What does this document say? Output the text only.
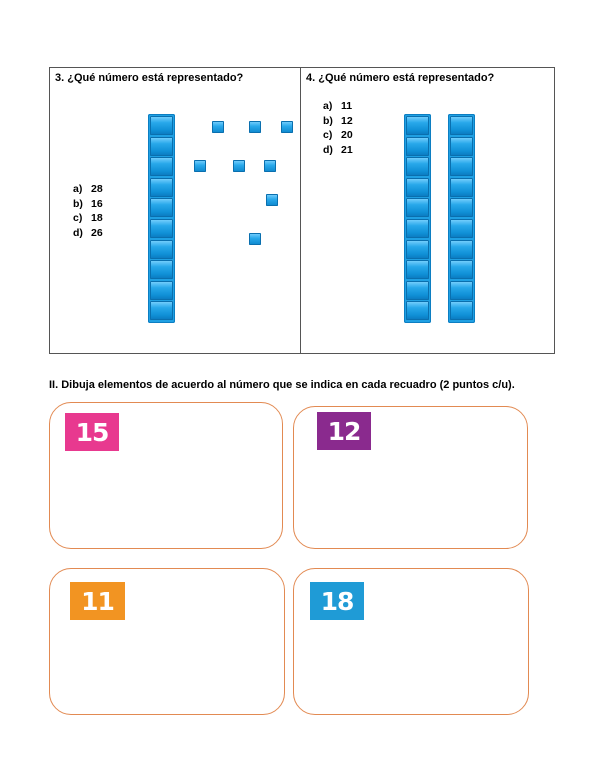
3. ¿Qué número está representado?
a) 28
b) 16
c) 18
d) 26
4. ¿Qué número está representado?
a) 11
b) 12
c) 20
d) 21
II. Dibuja elementos de acuerdo al número que se indica en cada recuadro (2 puntos c/u).
15	12
11	18
